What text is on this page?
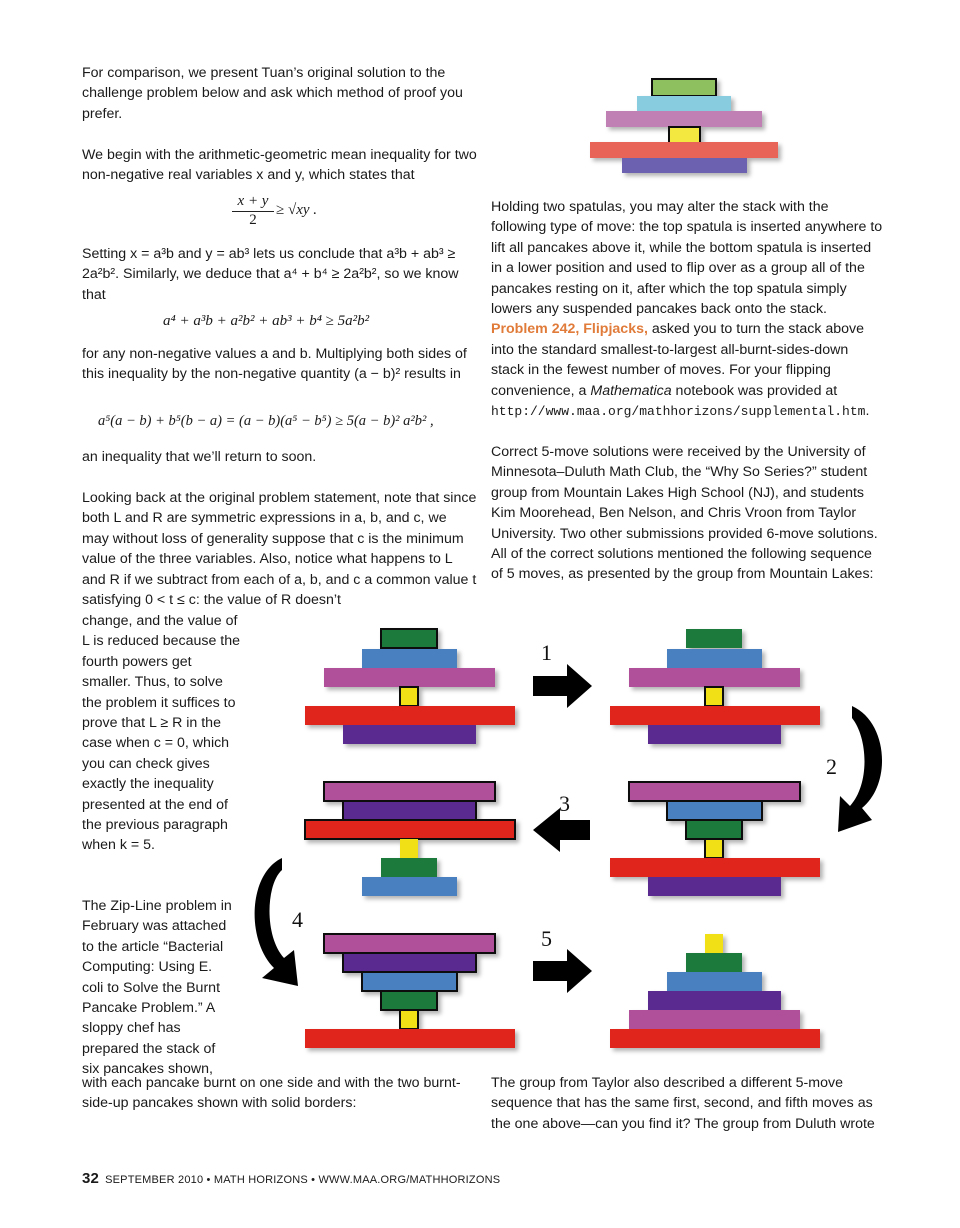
For comparison, we present Tuan’s original solution to the challenge problem below and ask which method of proof you prefer.

We begin with the arithmetic-geometric mean inequality for two non-negative real variables x and y, which states that

$\frac{x + y}{2} \ge √xy$ .

Setting x = a³b and y = ab³ lets us conclude that a³b + ab³ ≥ 2a²b². Similarly, we deduce that a⁴ + b⁴ ≥ 2a²b², so we know that

a⁴ + a³b + a²b² + ab³ + b⁴ ≥ 5a²b²

for any non-negative values a and b. Multiplying both sides of this inequality by the non-negative quantity (a − b)² results in

a⁵(a − b) + b⁵(b − a) = (a − b)(a⁵ − b⁵) ≥ 5(a − b)² a²b² ,

an inequality that we’ll return to soon.

Looking back at the original problem statement, note that since both L and R are symmetric expressions in a, b, and c, we may without loss of generality suppose that c is the minimum value of the three variables. Also, notice what happens to L and R if we subtract from each of a, b, and c a common value t satisfying 0 < t ≤ c: the value of R doesn’t

change, and the value of L is reduced because the fourth powers get smaller. Thus, to solve the problem it suffices to prove that L ≥ R in the case when c = 0, which you can check gives exactly the inequality presented at the end of the previous paragraph when k = 5.

The Zip-Line problem in February was attached to the article “Bacterial Computing: Using E. coli to Solve the Burnt Pancake Problem.” A sloppy chef has prepared the stack of six pancakes shown,

with each pancake burnt on one side and with the two burnt-side-up pancakes shown with solid borders:

Holding two spatulas, you may alter the stack with the following type of move: the top spatula is inserted anywhere to lift all pancakes above it, while the bottom spatula is inserted in a lower position and used to flip over as a group all of the pancakes resting on it, after which the top spatula simply lowers any suspended pancakes back onto the stack. Problem 242, Flipjacks, asked you to turn the stack above into the standard smallest-to-largest all-burnt-sides-down stack in the fewest number of moves. For your flipping convenience, a Mathematica notebook was provided at http://www.maa.org/mathhorizons/supplemental.htm.

Correct 5-move solutions were received by the University of Minnesota–Duluth Math Club, the “Why So Series?” student group from Mountain Lakes High School (NJ), and students Kim Moorehead, Ben Nelson, and Chris Vroon from Taylor University. Two other submissions provided 6-move solutions. All of the correct solutions mentioned the following sequence of 5 moves, as presented by the group from Mountain Lakes:

The group from Taylor also described a different 5-move sequence that has the same first, second, and fifth moves as the one above—can you find it? The group from Duluth wrote

1
2
3
4
5
32 SEPTEMBER 2010 • MATH HORIZONS • WWW.MAA.ORG/MATHHORIZONS
